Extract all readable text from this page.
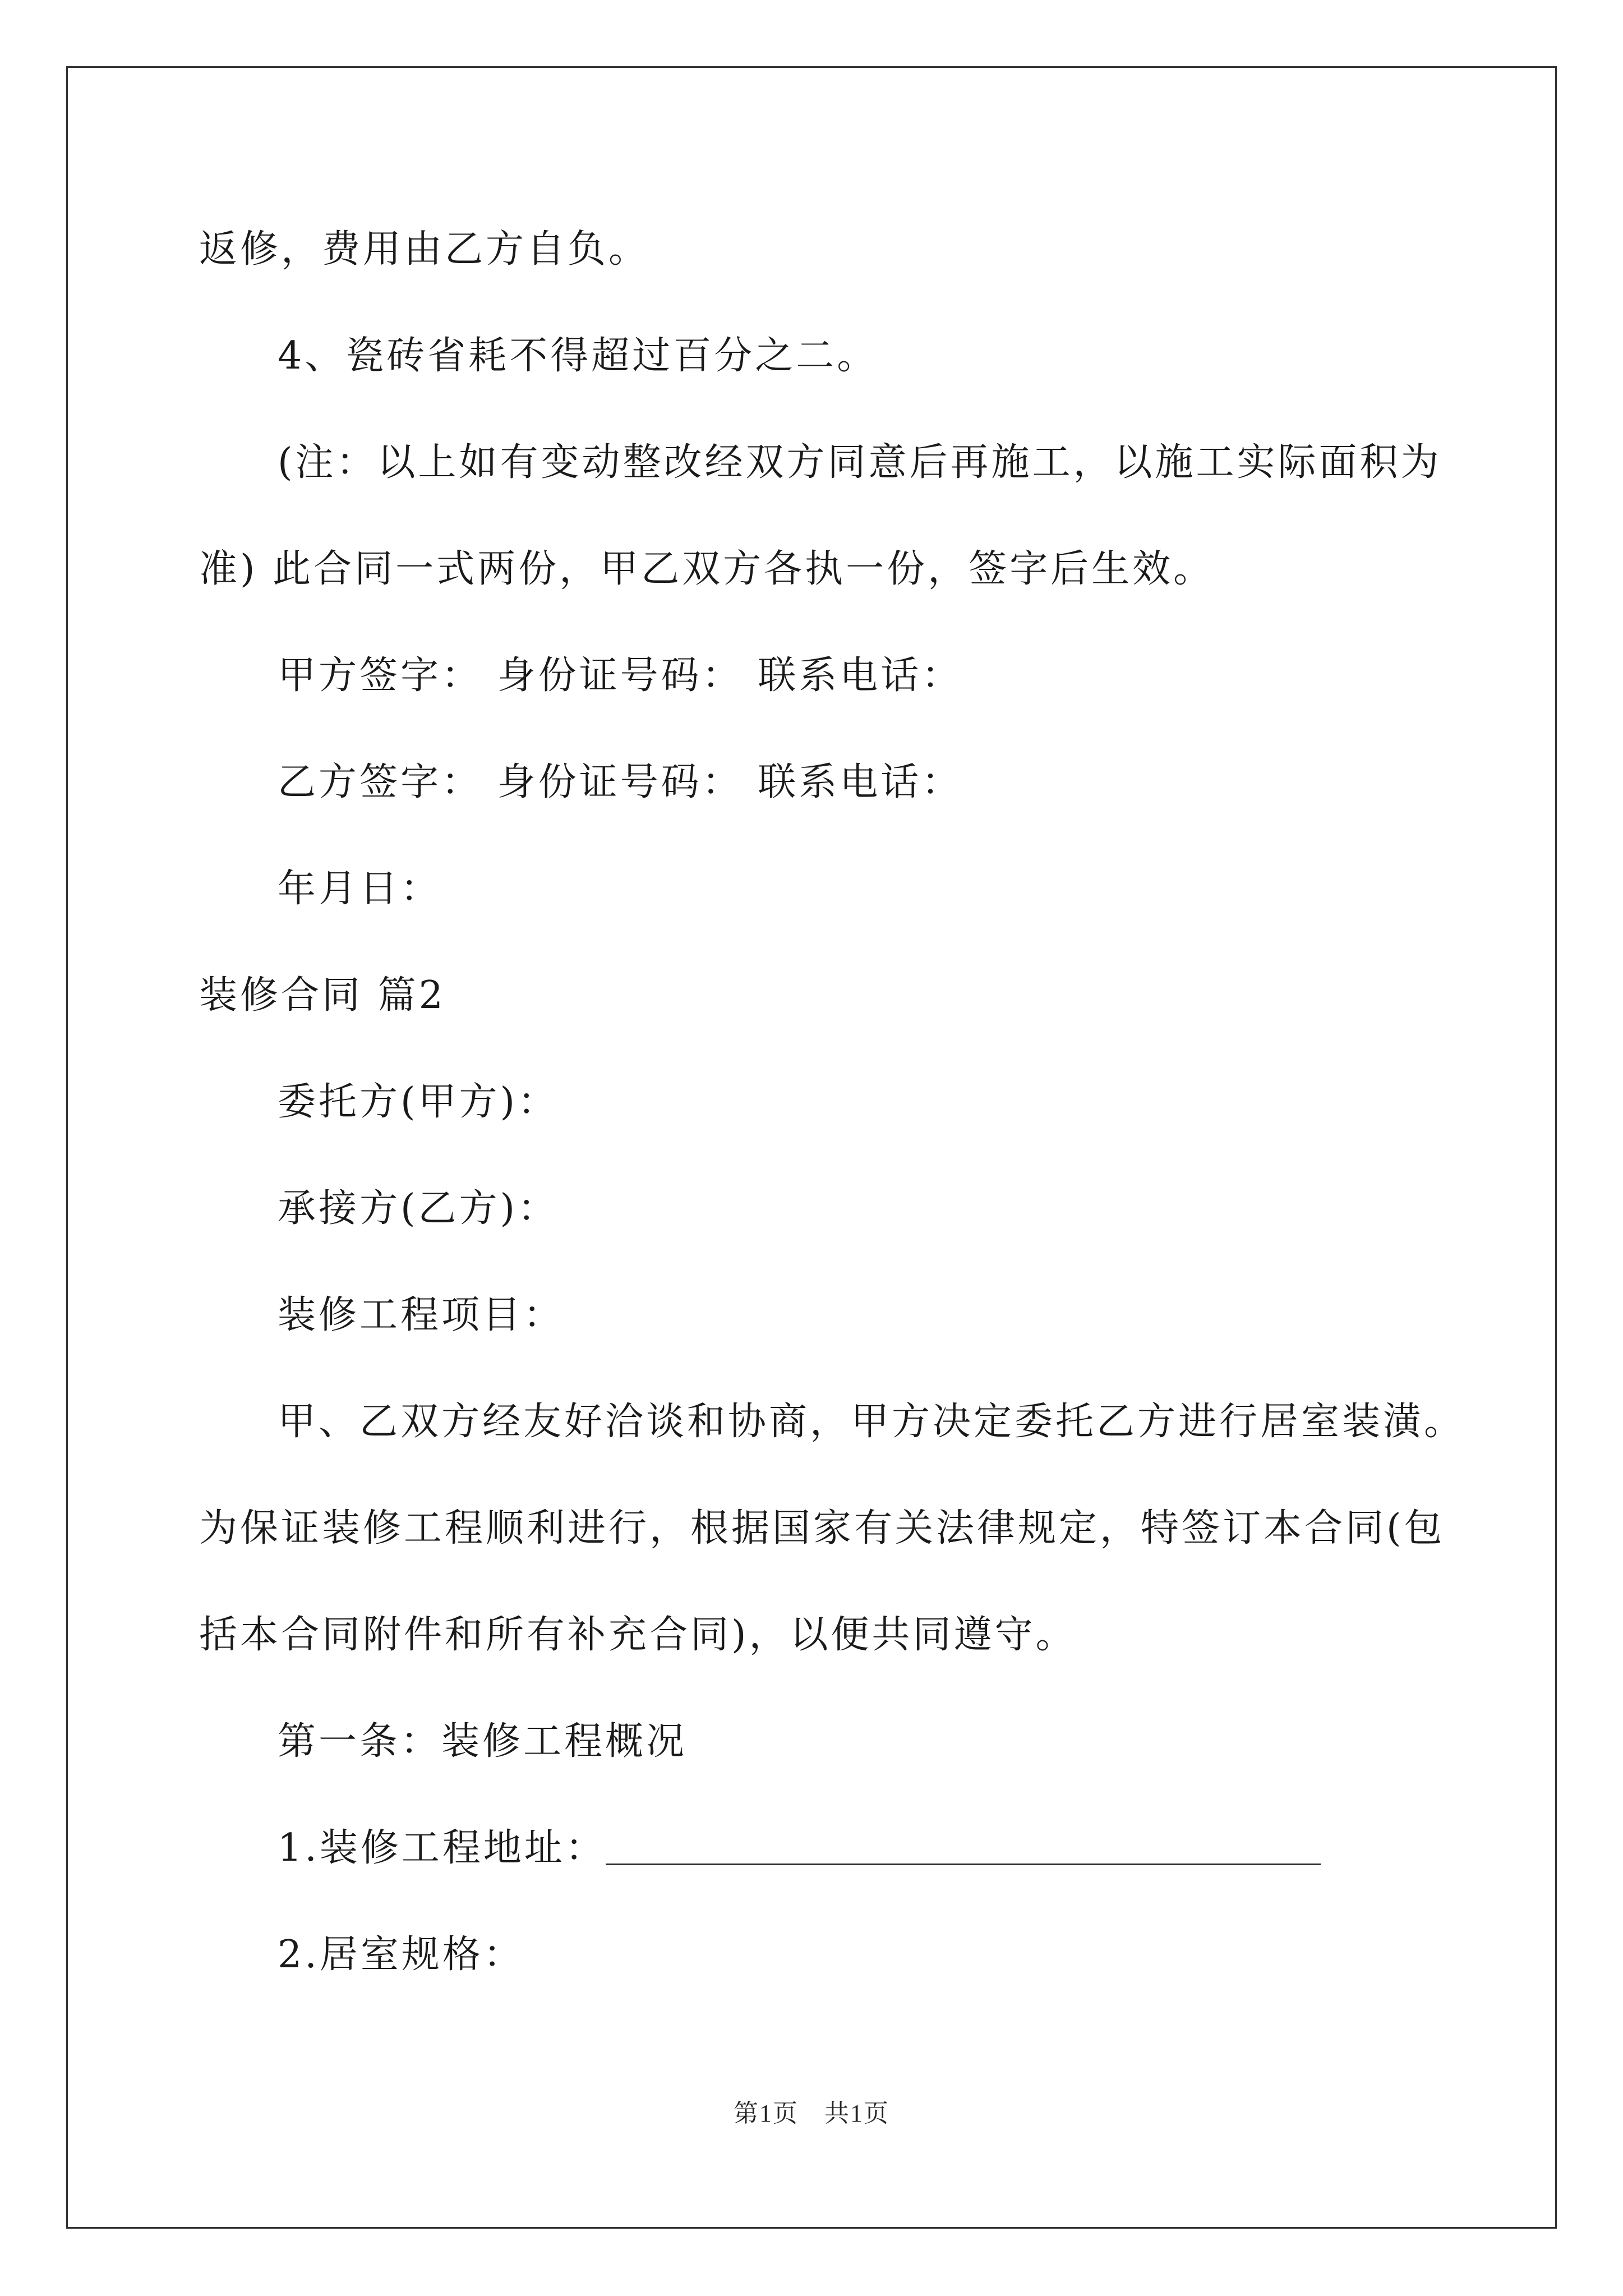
返修，费用由乙方自负。
4、瓷砖省耗不得超过百分之二。
(注：以上如有变动整改经双方同意后再施工，以施工实际面积为
准) 此合同一式两份，甲乙双方各执一份，签字后生效。
甲方签字： 身份证号码： 联系电话：
乙方签字： 身份证号码： 联系电话：
年月日：
装修合同 篇2
委托方(甲方)：
承接方(乙方)：
装修工程项目：
甲、乙双方经友好洽谈和协商，甲方决定委托乙方进行居室装潢。
为保证装修工程顺利进行，根据国家有关法律规定，特签订本合同(包
括本合同附件和所有补充合同)，以便共同遵守。
第一条：装修工程概况
1.装修工程地址：
2.居室规格：
第1页　共1页
